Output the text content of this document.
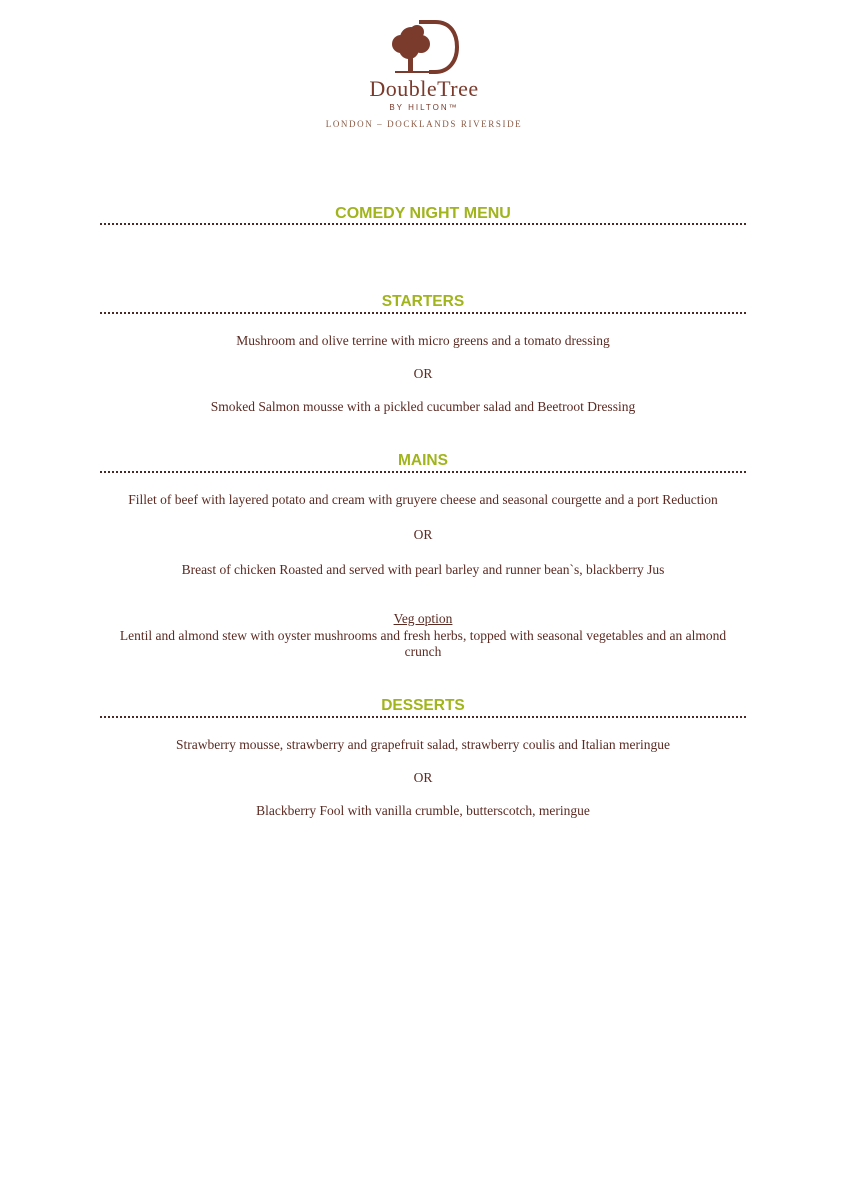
DoubleTree
BY HILTON™
LONDON – DOCKLANDS RIVERSIDE
COMEDY NIGHT MENU
STARTERS
Mushroom and olive terrine with micro greens and a tomato dressing
OR
Smoked Salmon mousse with a pickled cucumber salad and Beetroot Dressing
MAINS
Fillet of beef with layered potato and cream with gruyere cheese and seasonal courgette and a port Reduction
OR
Breast of chicken Roasted and served with pearl barley and runner bean`s, blackberry Jus
Veg option
Lentil and almond stew with oyster mushrooms and fresh herbs, topped with seasonal vegetables and an almond crunch
DESSERTS
Strawberry mousse, strawberry and grapefruit salad, strawberry coulis and Italian meringue
OR
Blackberry Fool with vanilla crumble, butterscotch, meringue
